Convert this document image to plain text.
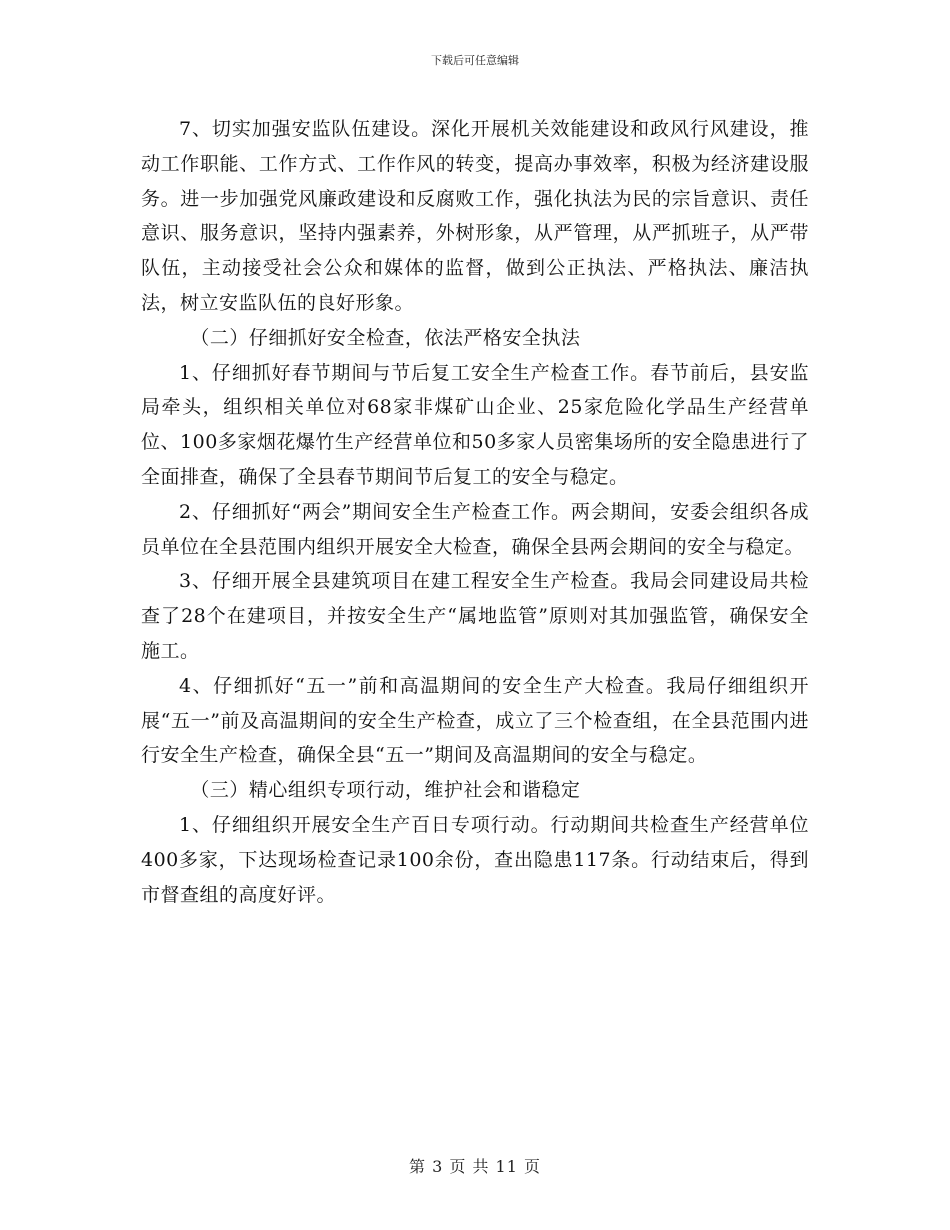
下载后可任意编辑

7、切实加强安监队伍建设。深化开展机关效能建设和政风行风建设，推动工作职能、工作方式、工作作风的转变，提高办事效率，积极为经济建设服务。进一步加强党风廉政建设和反腐败工作，强化执法为民的宗旨意识、责任意识、服务意识，坚持内强素养，外树形象，从严管理，从严抓班子，从严带队伍，主动接受社会公众和媒体的监督，做到公正执法、严格执法、廉洁执法，树立安监队伍的良好形象。

（二）仔细抓好安全检查，依法严格安全执法

1、仔细抓好春节期间与节后复工安全生产检查工作。春节前后，县安监局牵头，组织相关单位对68家非煤矿山企业、25家危险化学品生产经营单位、100多家烟花爆竹生产经营单位和50多家人员密集场所的安全隐患进行了全面排查，确保了全县春节期间节后复工的安全与稳定。

2、仔细抓好“两会”期间安全生产检查工作。两会期间，安委会组织各成员单位在全县范围内组织开展安全大检查，确保全县两会期间的安全与稳定。

3、仔细开展全县建筑项目在建工程安全生产检查。我局会同建设局共检查了28个在建项目，并按安全生产“属地监管”原则对其加强监管，确保安全施工。

4、仔细抓好“五一”前和高温期间的安全生产大检查。我局仔细组织开展“五一”前及高温期间的安全生产检查，成立了三个检查组，在全县范围内进行安全生产检查，确保全县“五一”期间及高温期间的安全与稳定。

（三）精心组织专项行动，维护社会和谐稳定

1、仔细组织开展安全生产百日专项行动。行动期间共检查生产经营单位400多家，下达现场检查记录100余份，查出隐患117条。行动结束后，得到市督查组的高度好评。

第 3 页 共 11 页
